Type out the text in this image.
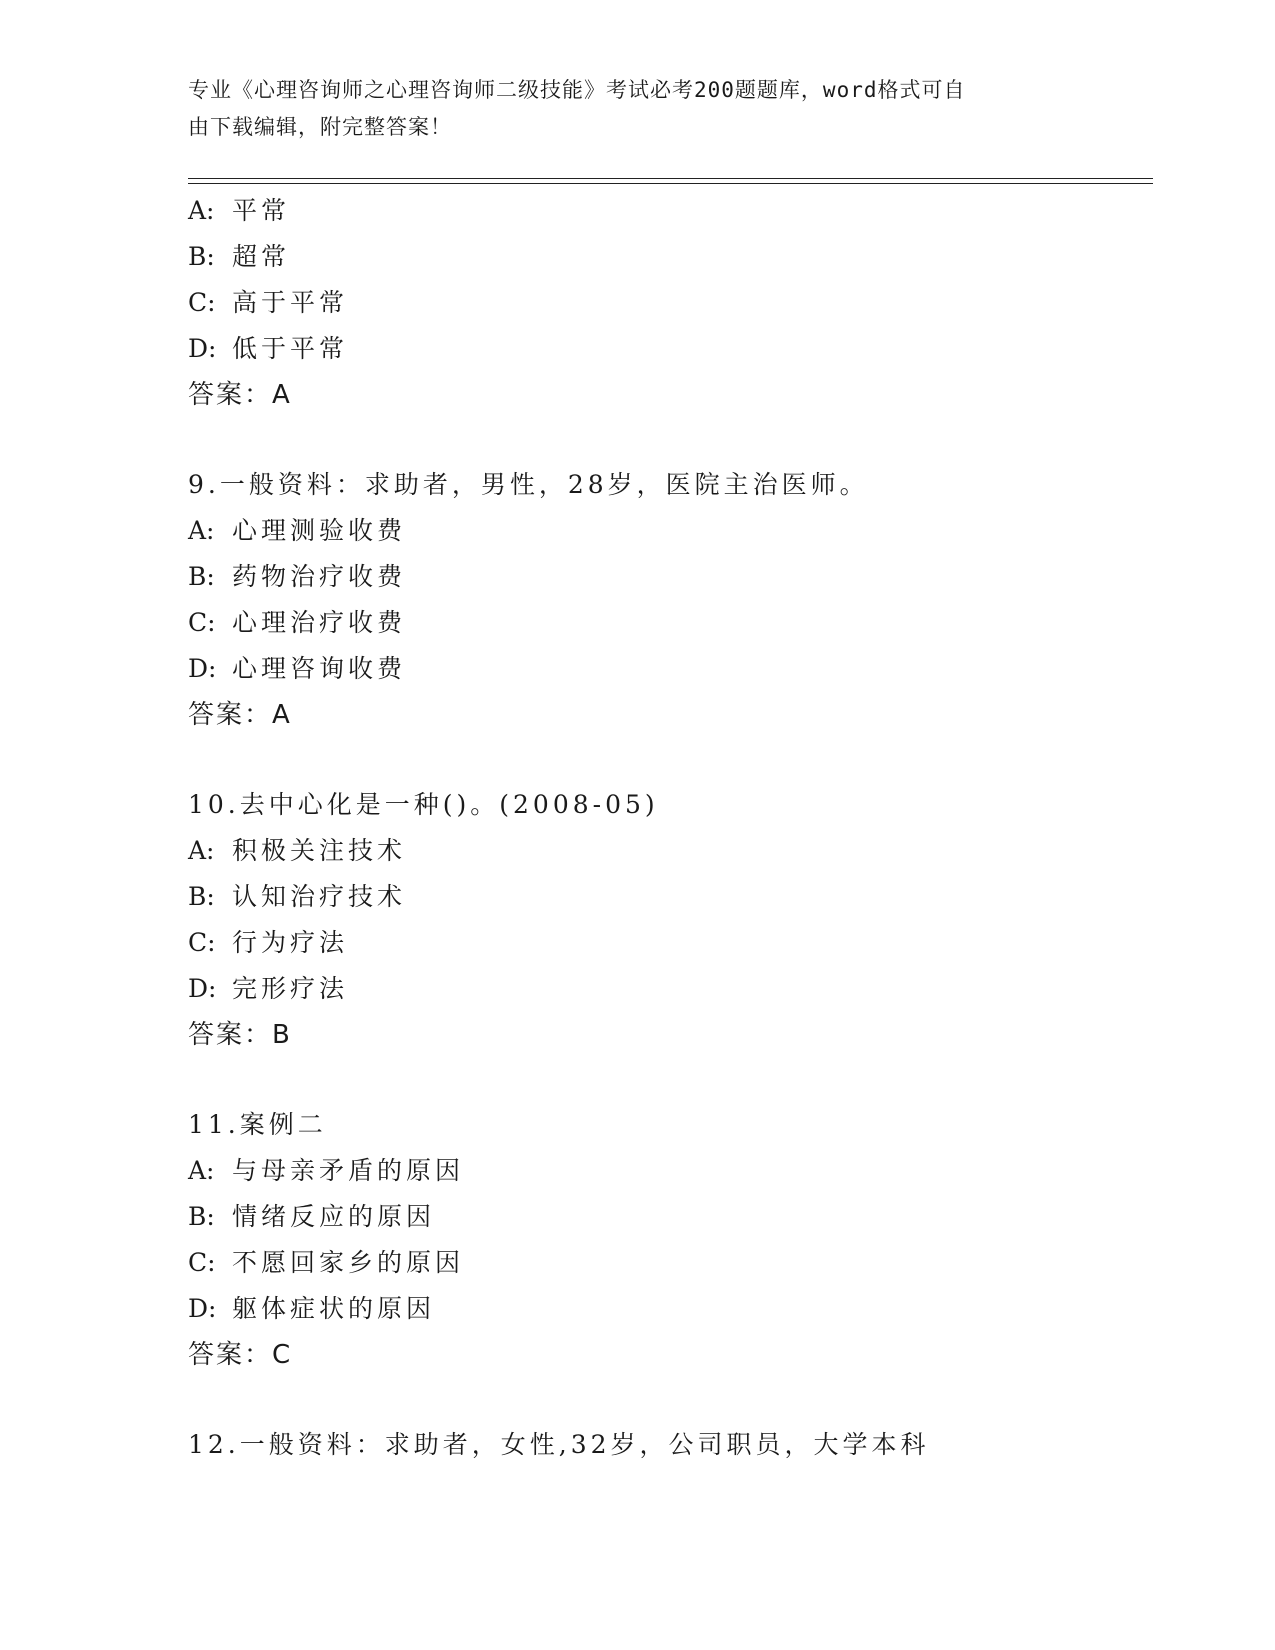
专业《心理咨询师之心理咨询师二级技能》考试必考200题题库，word格式可自
由下载编辑，附完整答案！
A: 平常
B: 超常
C: 高于平常
D: 低于平常
答案：A
9.一般资料：求助者，男性，28岁，医院主治医师。
A: 心理测验收费
B: 药物治疗收费
C: 心理治疗收费
D: 心理咨询收费
答案：A
10.去中心化是一种()。(2008-05)
A: 积极关注技术
B: 认知治疗技术
C: 行为疗法
D: 完形疗法
答案：B
11.案例二
A: 与母亲矛盾的原因
B: 情绪反应的原因
C: 不愿回家乡的原因
D: 躯体症状的原因
答案：C
12.一般资料：求助者，女性,32岁，公司职员，大学本科
